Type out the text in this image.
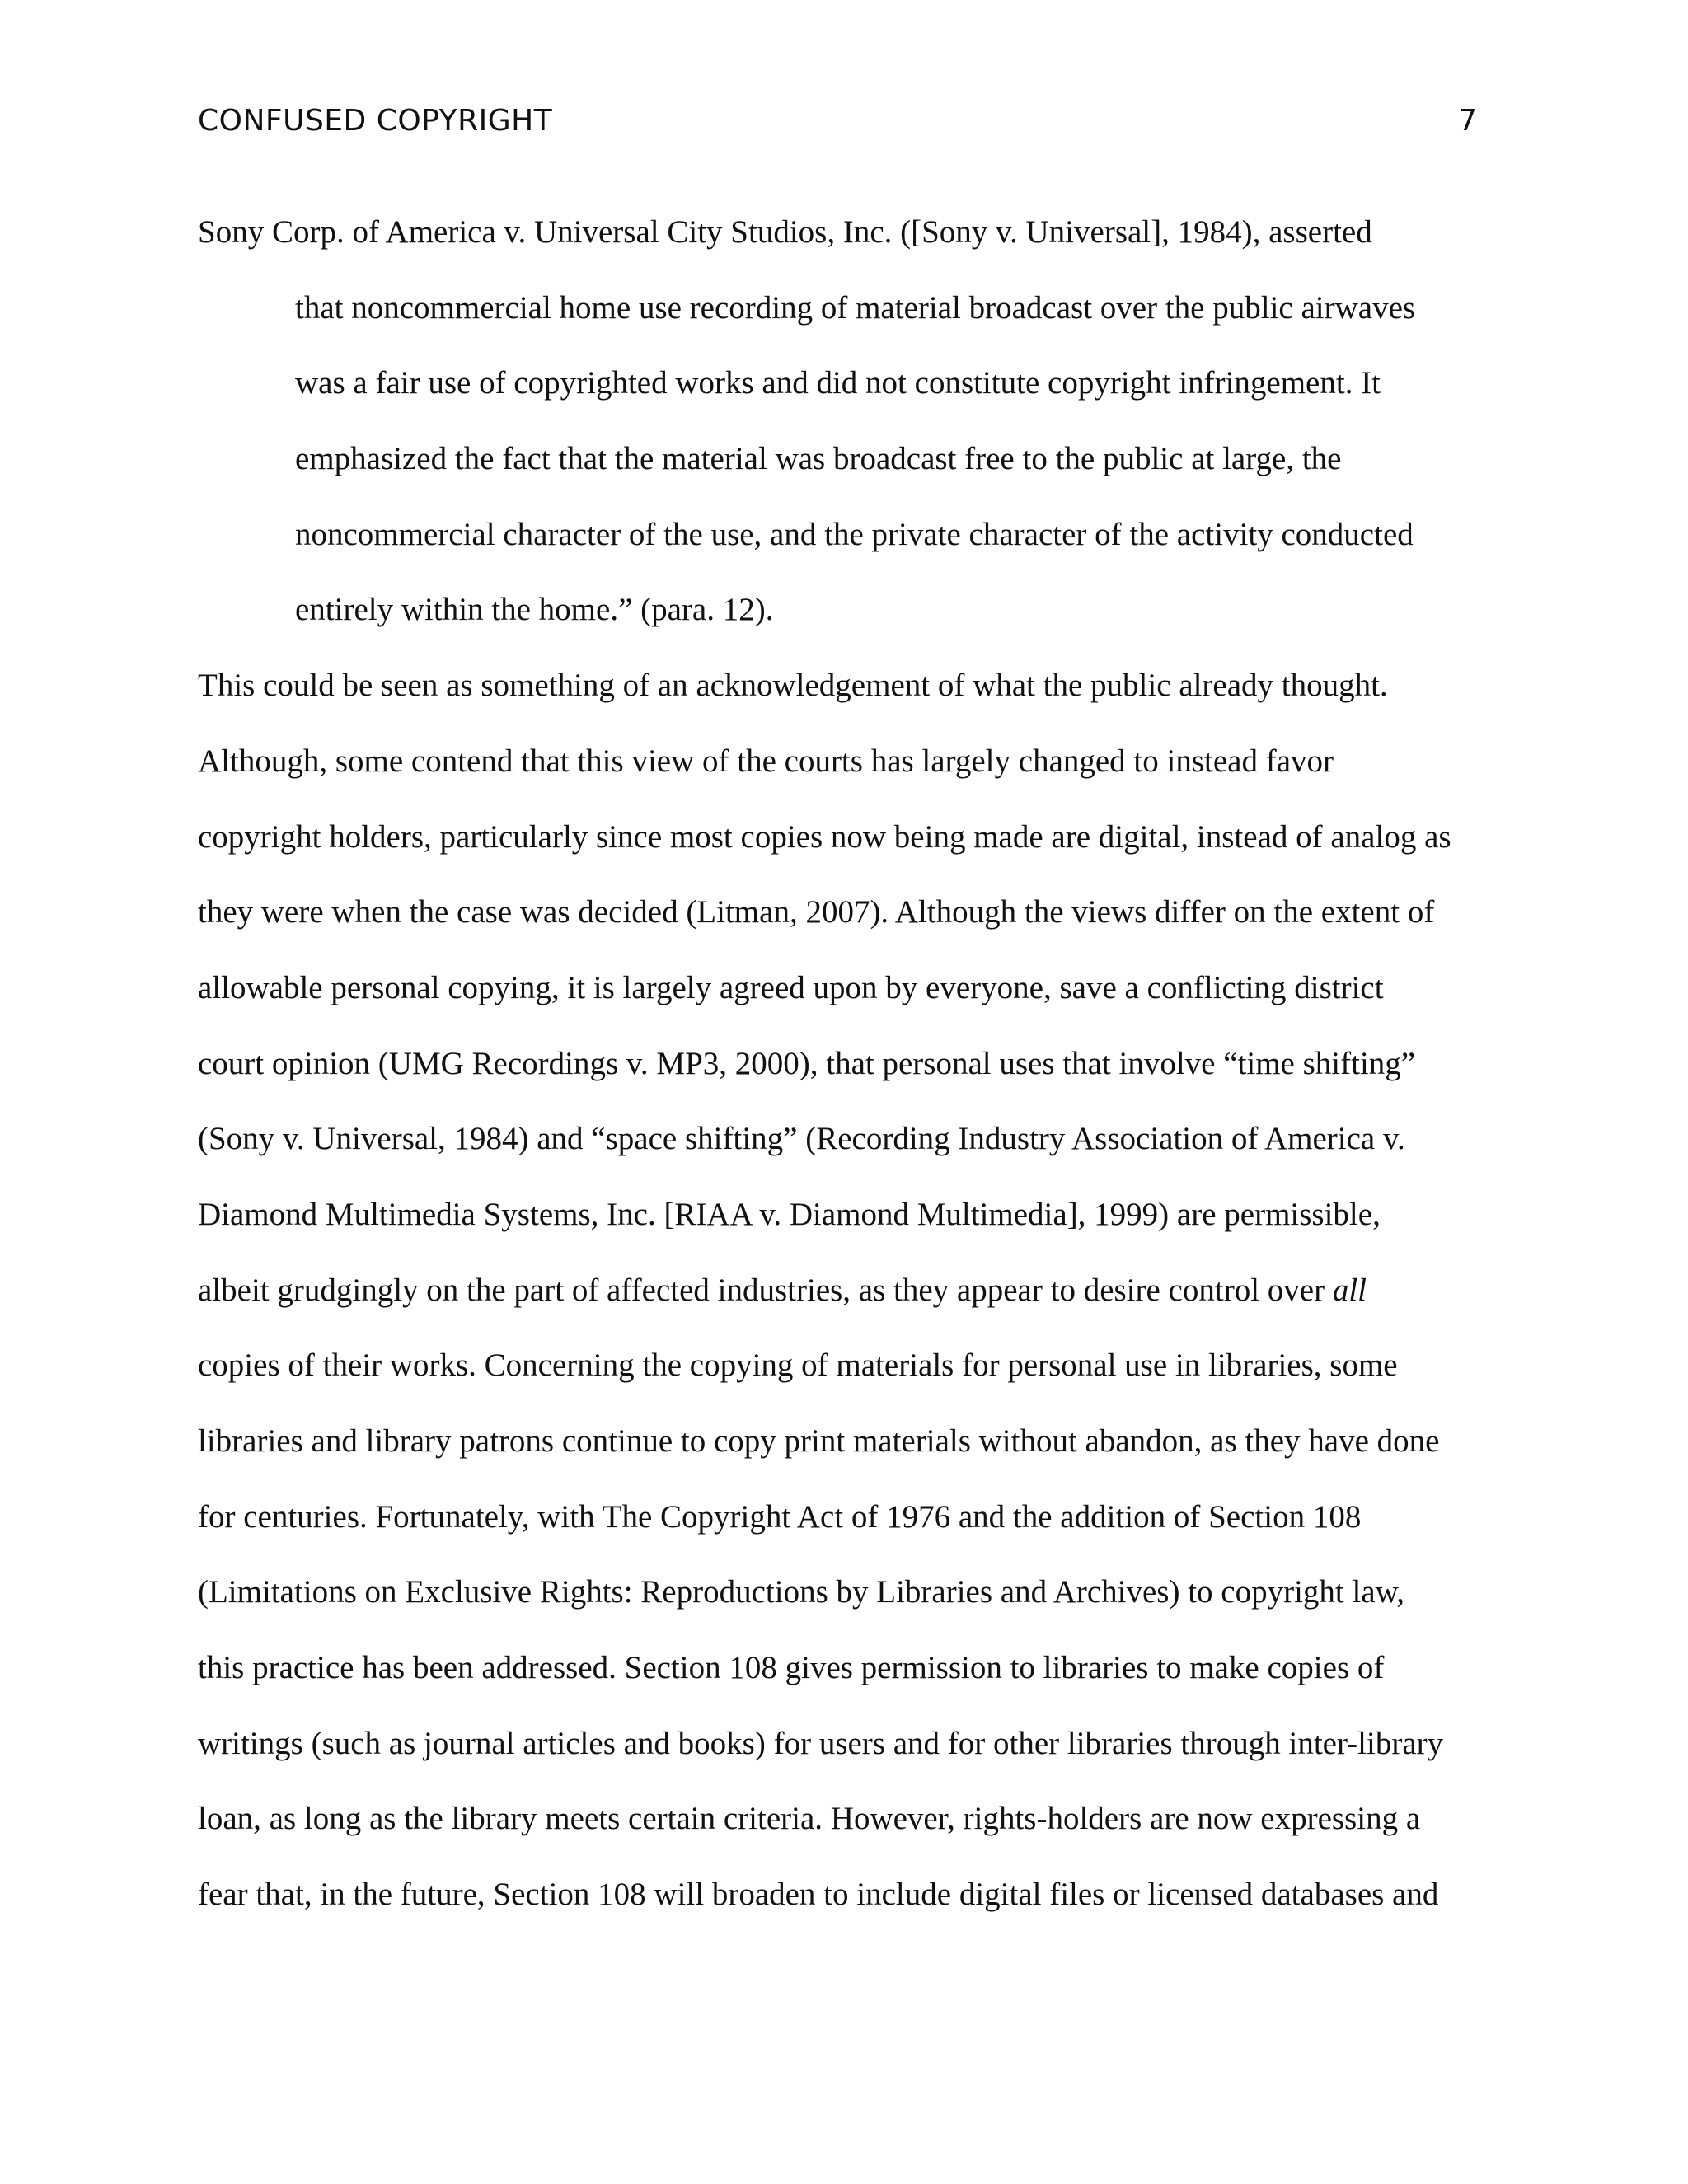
CONFUSED COPYRIGHT	7
Sony Corp. of America v. Universal City Studios, Inc. ([Sony v. Universal], 1984), asserted
that noncommercial home use recording of material broadcast over the public airwaves
was a fair use of copyrighted works and did not constitute copyright infringement. It
emphasized the fact that the material was broadcast free to the public at large, the
noncommercial character of the use, and the private character of the activity conducted
entirely within the home.” (para. 12).
This could be seen as something of an acknowledgement of what the public already thought.
Although, some contend that this view of the courts has largely changed to instead favor
copyright holders, particularly since most copies now being made are digital, instead of analog as
they were when the case was decided (Litman, 2007). Although the views differ on the extent of
allowable personal copying, it is largely agreed upon by everyone, save a conflicting district
court opinion (UMG Recordings v. MP3, 2000), that personal uses that involve “time shifting”
(Sony v. Universal, 1984) and “space shifting” (Recording Industry Association of America v.
Diamond Multimedia Systems, Inc. [RIAA v. Diamond Multimedia], 1999) are permissible,
albeit grudgingly on the part of affected industries, as they appear to desire control over all
copies of their works. Concerning the copying of materials for personal use in libraries, some
libraries and library patrons continue to copy print materials without abandon, as they have done
for centuries. Fortunately, with The Copyright Act of 1976 and the addition of Section 108
(Limitations on Exclusive Rights: Reproductions by Libraries and Archives) to copyright law,
this practice has been addressed. Section 108 gives permission to libraries to make copies of
writings (such as journal articles and books) for users and for other libraries through inter-library
loan, as long as the library meets certain criteria. However, rights-holders are now expressing a
fear that, in the future, Section 108 will broaden to include digital files or licensed databases and
